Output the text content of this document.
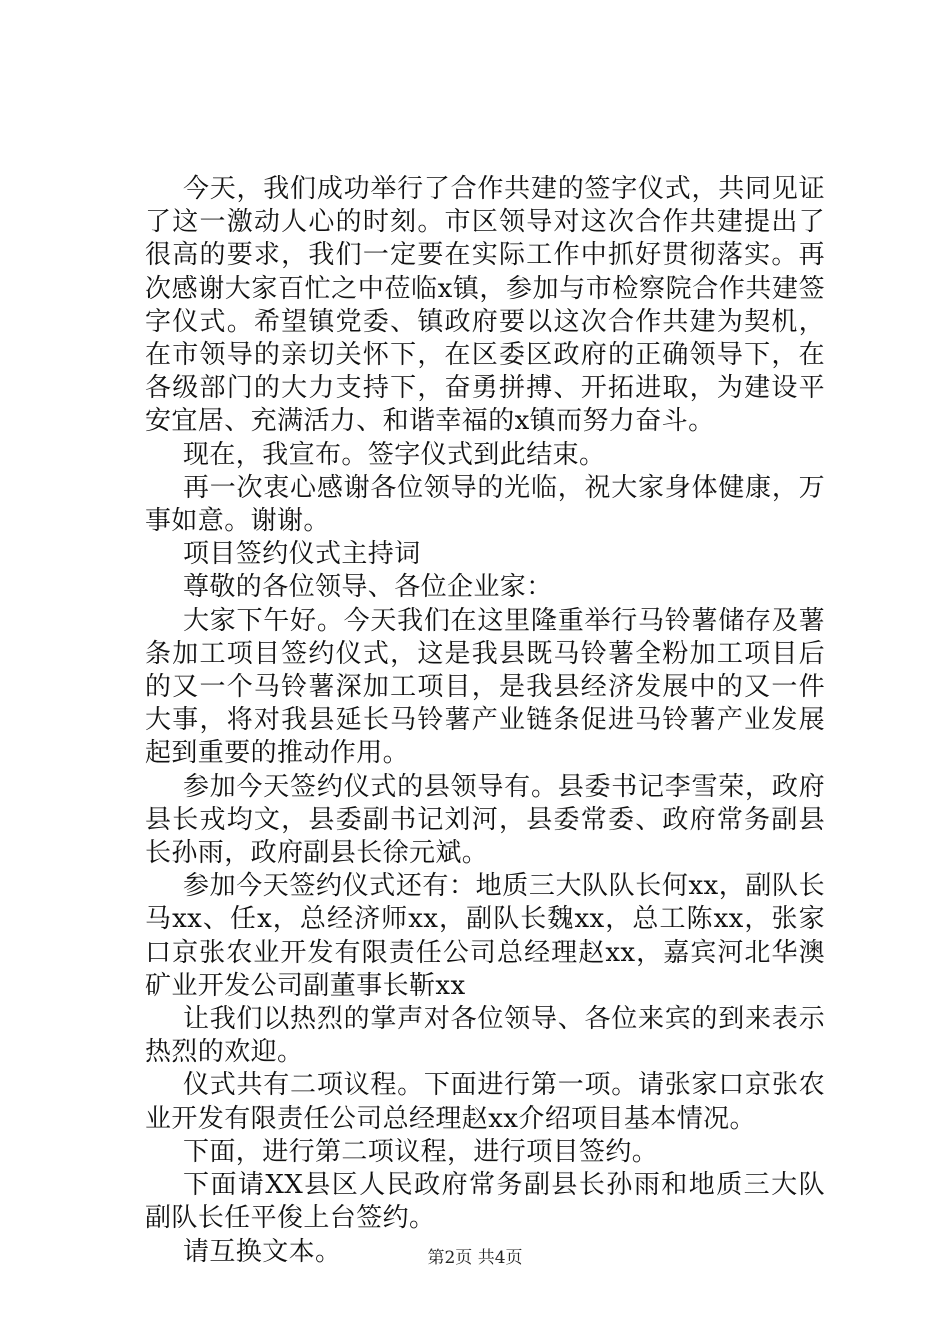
今天，我们成功举行了合作共建的签字仪式，共同见证了这一激动人心的时刻。市区领导对这次合作共建提出了很高的要求，我们一定要在实际工作中抓好贯彻落实。再次感谢大家百忙之中莅临x镇，参加与市检察院合作共建签字仪式。希望镇党委、镇政府要以这次合作共建为契机，在市领导的亲切关怀下，在区委区政府的正确领导下，在各级部门的大力支持下，奋勇拼搏、开拓进取，为建设平安宜居、充满活力、和谐幸福的x镇而努力奋斗。

现在，我宣布。签字仪式到此结束。

再一次衷心感谢各位领导的光临，祝大家身体健康，万事如意。谢谢。

项目签约仪式主持词

尊敬的各位领导、各位企业家：

大家下午好。今天我们在这里隆重举行马铃薯储存及薯条加工项目签约仪式，这是我县既马铃薯全粉加工项目后的又一个马铃薯深加工项目，是我县经济发展中的又一件大事，将对我县延长马铃薯产业链条促进马铃薯产业发展起到重要的推动作用。

参加今天签约仪式的县领导有。县委书记李雪荣，政府县长戎均文，县委副书记刘河，县委常委、政府常务副县长孙雨，政府副县长徐元斌。

参加今天签约仪式还有：地质三大队队长何xx，副队长马xx、任x，总经济师xx，副队长魏xx，总工陈xx，张家口京张农业开发有限责任公司总经理赵xx，嘉宾河北华澳矿业开发公司副董事长靳xx

让我们以热烈的掌声对各位领导、各位来宾的到来表示热烈的欢迎。

仪式共有二项议程。下面进行第一项。请张家口京张农业开发有限责任公司总经理赵xx介绍项目基本情况。

下面，进行第二项议程，进行项目签约。

下面请XX县区人民政府常务副县长孙雨和地质三大队副队长任平俊上台签约。

请互换文本。	第2页 共4页
